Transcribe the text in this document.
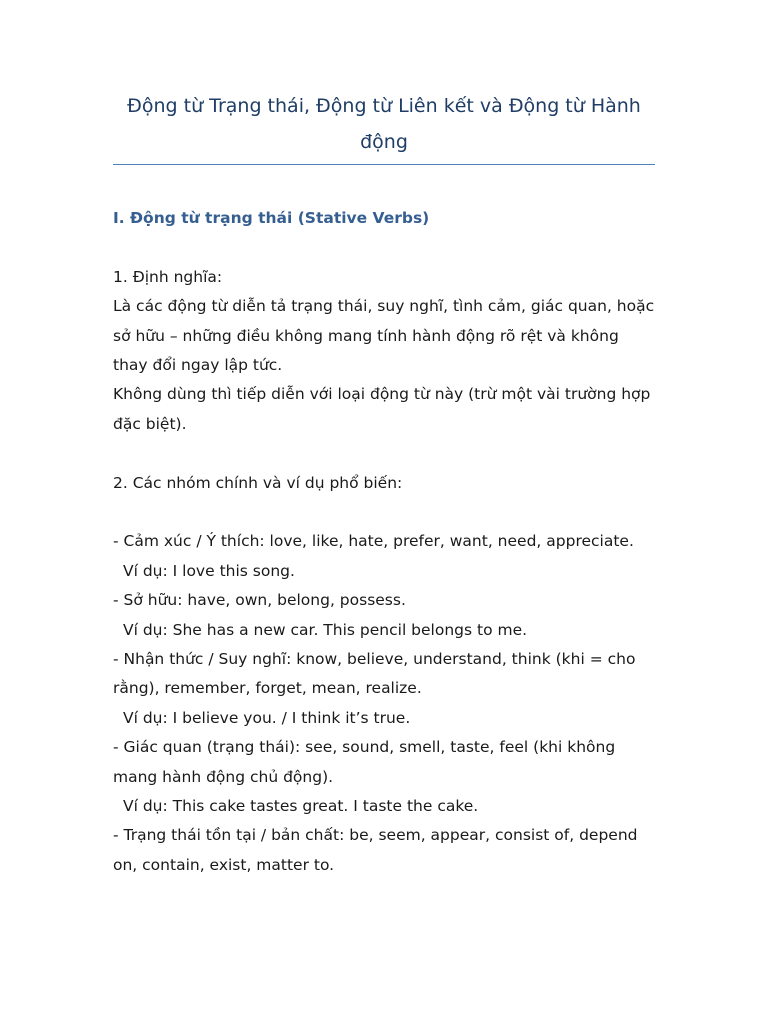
Động từ Trạng thái, Động từ Liên kết và Động từ Hành động
I. Động từ trạng thái (Stative Verbs)

1. Định nghĩa:

Là các động từ diễn tả trạng thái, suy nghĩ, tình cảm, giác quan, hoặc sở hữu – những điều không mang tính hành động rõ rệt và không thay đổi ngay lập tức.

Không dùng thì tiếp diễn với loại động từ này (trừ một vài trường hợp đặc biệt).

2. Các nhóm chính và ví dụ phổ biến:

- Cảm xúc / Ý thích: love, like, hate, prefer, want, need, appreciate.

Ví dụ: I love this song.

- Sở hữu: have, own, belong, possess.

Ví dụ: She has a new car. This pencil belongs to me.

- Nhận thức / Suy nghĩ: know, believe, understand, think (khi = cho rằng), remember, forget, mean, realize.

Ví dụ: I believe you. / I think it’s true.

- Giác quan (trạng thái): see, sound, smell, taste, feel (khi không mang hành động chủ động).

Ví dụ: This cake tastes great. I taste the cake.

- Trạng thái tồn tại / bản chất: be, seem, appear, consist of, depend on, contain, exist, matter to.
